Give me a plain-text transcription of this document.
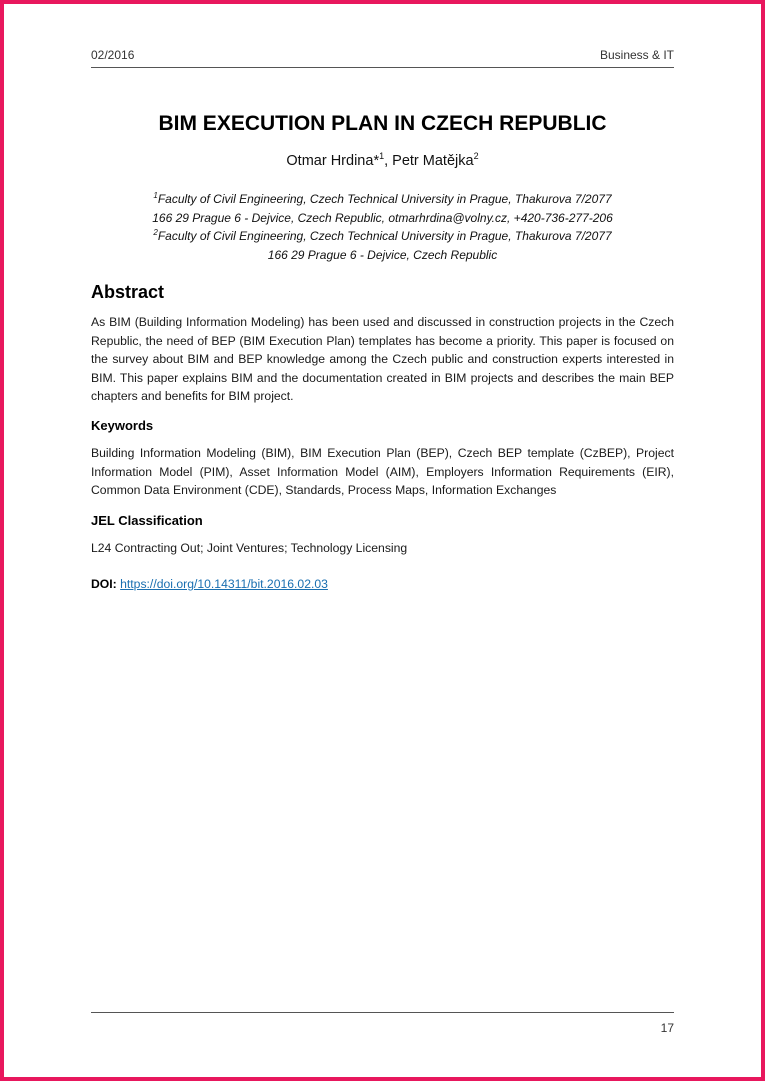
02/2016	Business & IT
BIM EXECUTION PLAN IN CZECH REPUBLIC
Otmar Hrdina*$^1$, Petr Matějka$^2$
$^1$Faculty of Civil Engineering, Czech Technical University in Prague, Thakurova 7/2077
166 29 Prague 6 - Dejvice, Czech Republic, otmarhrdina@volny.cz, +420-736-277-206
$^2$Faculty of Civil Engineering, Czech Technical University in Prague, Thakurova 7/2077
166 29 Prague 6 - Dejvice, Czech Republic
Abstract
As BIM (Building Information Modeling) has been used and discussed in construction projects in the Czech Republic, the need of BEP (BIM Execution Plan) templates has become a priority. This paper is focused on the survey about BIM and BEP knowledge among the Czech public and construction experts interested in BIM. This paper explains BIM and the documentation created in BIM projects and describes the main BEP chapters and benefits for BIM project.
Keywords
Building Information Modeling (BIM), BIM Execution Plan (BEP), Czech BEP template (CzBEP), Project Information Model (PIM), Asset Information Model (AIM), Employers Information Requirements (EIR), Common Data Environment (CDE), Standards, Process Maps, Information Exchanges
JEL Classification
L24 Contracting Out; Joint Ventures; Technology Licensing
DOI: https://doi.org/10.14311/bit.2016.02.03
17
